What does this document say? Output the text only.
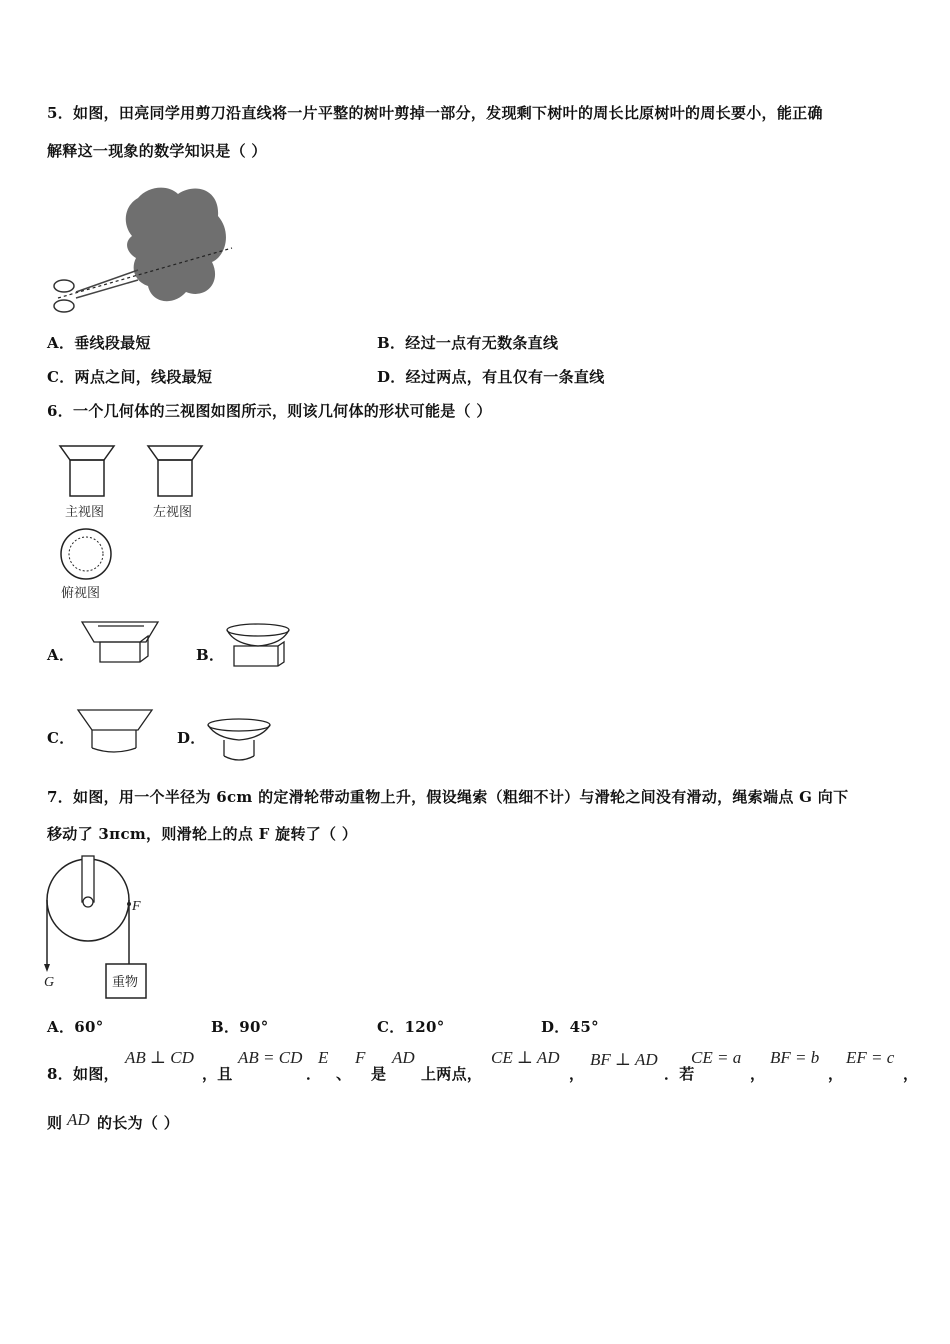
5．如图，田亮同学用剪刀沿直线将一片平整的树叶剪掉一部分，发现剩下树叶的周长比原树叶的周长要小，能正确
解释这一现象的数学知识是（ ）
A．垂线段最短	B．经过一点有无数条直线
C．两点之间，线段最短	D．经过两点，有且仅有一条直线
6．一个几何体的三视图如图所示，则该几何体的形状可能是（ ）
主视图	左视图
俯视图
A．	B．
C．	D．
7．如图，用一个半径为 6cm 的定滑轮带动重物上升，假设绳索（粗细不计）与滑轮之间没有滑动，绳索端点 G 向下
移动了 3πcm，则滑轮上的点 F 旋转了（ ）
F
G	重物
A．60°	B．90°	C．120°	D．45°
8．如图，
AB ⊥ CD
，且
AB = CD
．
E
、
F
是
AD
上两点，
CE ⊥ AD
，
BF ⊥ AD
．若
CE = a
，
BF = b
，
EF = c
，
则 AD 的长为（ ）
